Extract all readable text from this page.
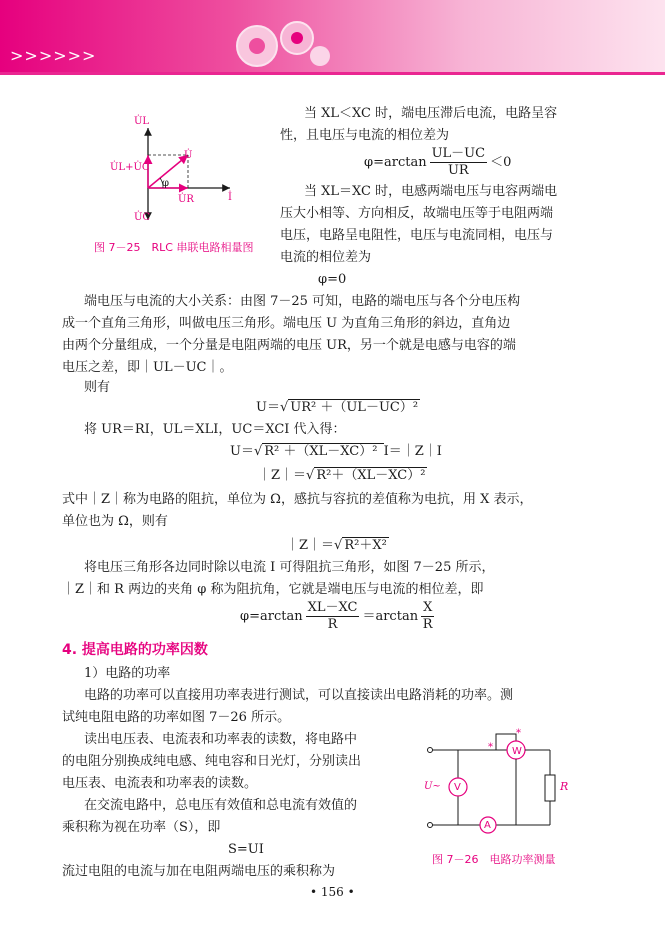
>>>>>>
U̇L
U̇L+U̇C
U̇
φ
U̇R	İ
U̇C
图 7－25　RLC 串联电路相量图
当 XL＜XC 时，端电压滞后电流，电路呈容
性，且电压与电流的相位差为
$\varphi=\arctan \frac{UL-UC}{UR} <0$
当 XL＝XC 时，电感两端电压与电容两端电
压大小相等、方向相反，故端电压等于电阻两端
电压，电路呈电阻性，电压与电流同相，电压与
电流的相位差为
φ=0
端电压与电流的大小关系：由图 7－25 可知，电路的端电压与各个分电压构
成一个直角三角形，叫做电压三角形。端电压 U 为直角三角形的斜边，直角边
由两个分量组成，一个分量是电阻两端的电压 UR，另一个就是电感与电容的端
电压之差，即｜UL－UC｜。
则有
U＝√ UR² ＋（UL－UC）²
将 UR＝RI，UL＝XLI，UC＝XCI 代入得：
U＝√ R² ＋（XL－XC）² I＝｜Z｜I
｜Z｜＝√ R²＋（XL－XC）²
式中｜Z｜称为电路的阻抗，单位为 Ω，感抗与容抗的差值称为电抗，用 X 表示，
单位也为 Ω，则有
｜Z｜＝√ R²＋X²
将电压三角形各边同时除以电流 I 可得阻抗三角形，如图 7－25 所示，
｜Z｜和 R 两边的夹角 φ 称为阻抗角，它就是端电压与电流的相位差，即
$\varphi=\arctan \frac{XL-XC}{R} =\arctan \frac{X}{R}$
4. 提高电路的功率因数
1）电路的功率
电路的功率可以直接用功率表进行测试，可以直接读出电路消耗的功率。测
试纯电阻电路的功率如图 7－26 所示。
读出电压表、电流表和功率表的读数，将电路中
的电阻分别换成纯电感、纯电容和日光灯，分别读出
电压表、电流表和功率表的读数。
在交流电路中，总电压有效值和总电流有效值的
乘积称为视在功率（S），即
S=UI
流过电阻的电流与加在电阻两端电压的乘积称为
V
W
A
U~	R
*
*
图 7－26　电路功率测量
• 156 •
